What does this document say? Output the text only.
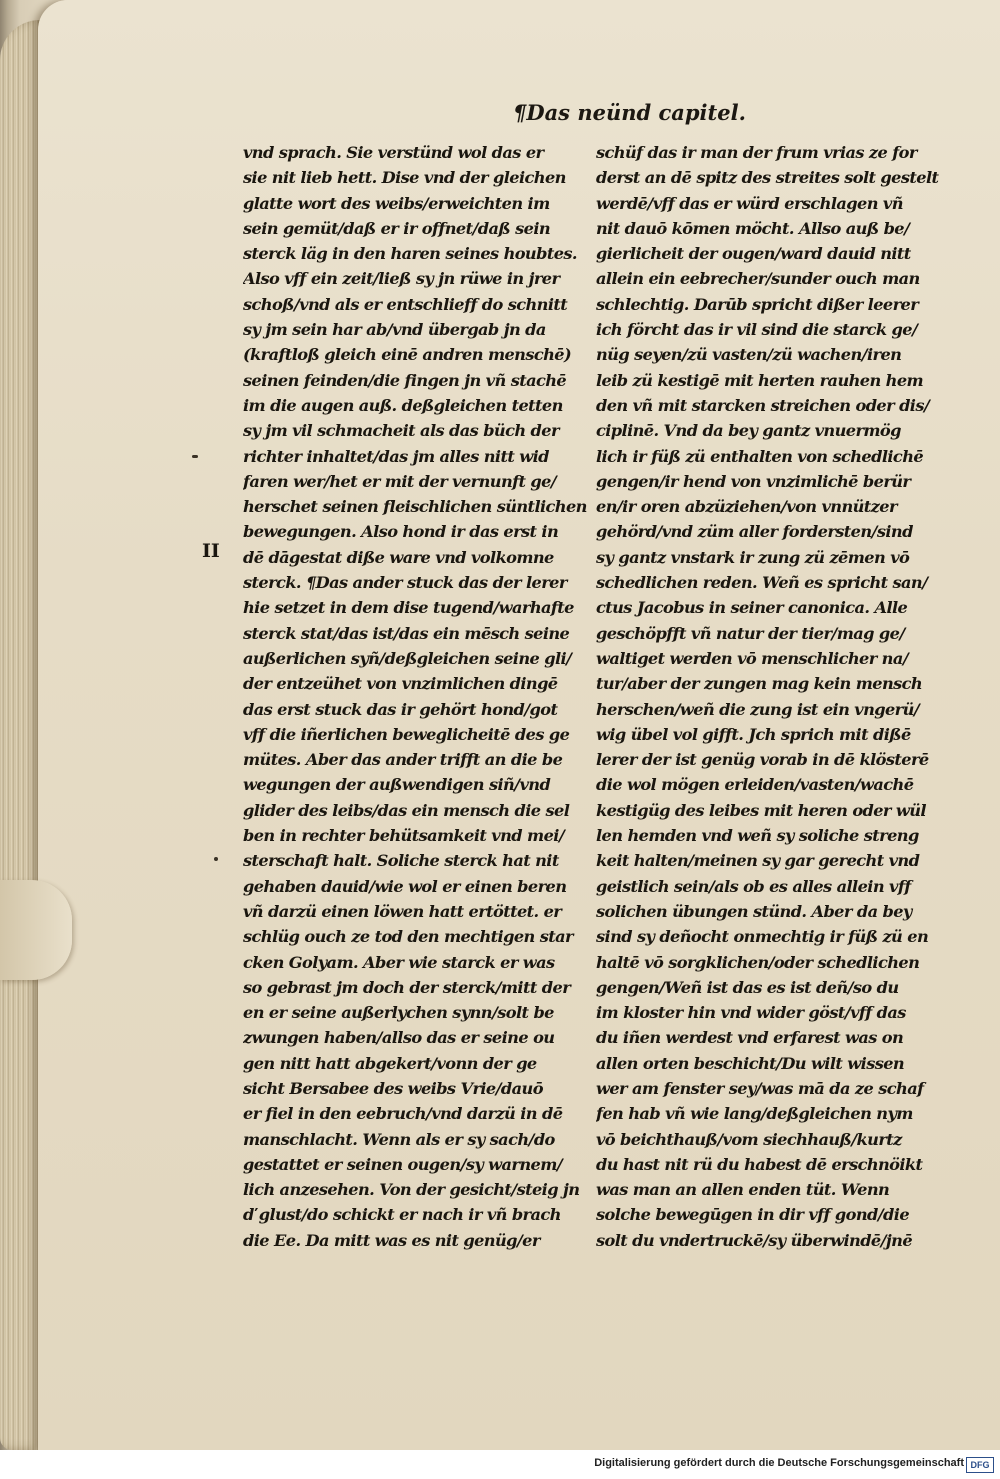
¶Das neünd capitel.
II
vnd sprach. Sie verstünd wol das er
sie nit lieb hett. Dise vnd der gleichen
glatte wort des weibs/erweichten im
sein gemüt/daß er ir offnet/daß sein
sterck läg in den haren seines houbtes.
Also vff ein zeit/ließ sy jn rüwe in jrer
schoß/vnd als er entschlieff do schnitt
sy jm sein har ab/vnd übergab jn da
(kraftloß gleich einē andren menschē)
seinen feinden/die fingen jn vñ stachē
im die augen auß. deßgleichen tetten
sy jm vil schmacheit als das büch der
richter inhaltet/das jm alles nitt wid
faren wer/het er mit der vernunft ge/
herschet seinen fleischlichen süntlichen
bewegungen. Also hond ir das erst in
dē dāgestat diße ware vnd volkomne
sterck. ¶Das ander stuck das der lerer
hie setzet in dem dise tugend/warhafte
sterck stat/das ist/das ein mēsch seine
außerlichen syñ/deßgleichen seine gli/
der entzeühet von vnzimlichen dingē
das erst stuck das ir gehört hond/got
vff die iñerlichen beweglicheitē des ge
mütes. Aber das ander trifft an die be
wegungen der außwendigen siñ/vnd
glider des leibs/das ein mensch die sel
ben in rechter behütsamkeit vnd mei/
sterschaft halt. Soliche sterck hat nit
gehaben dauid/wie wol er einen beren
vñ darzü einen löwen hatt ertöttet. er
schlüg ouch ze tod den mechtigen star
cken Golyam. Aber wie starck er was
so gebrast jm doch der sterck/mitt der
en er seine außerlychen synn/solt be
zwungen haben/allso das er seine ou
gen nitt hatt abgekert/vonn der ge
sicht Bersabee des weibs Vrie/dauō
er fiel in den eebruch/vnd darzü in dē
manschlacht. Wenn als er sy sach/do
gestattet er seinen ougen/sy warnem/
lich anzesehen. Von der gesicht/steig jn
ď glust/do schickt er nach ir vñ brach
die Ee. Da mitt was es nit genüg/er
schüf das ir man der frum vrias ze for
derst an dē spitz des streites solt gestelt
werdē/vff das er würd erschlagen vñ
nit dauō kōmen möcht. Allso auß be/
gierlicheit der ougen/ward dauid nitt
allein ein eebrecher/sunder ouch man
schlechtig. Darūb spricht dißer leerer
ich förcht das ir vil sind die starck ge/
nüg seyen/zü vasten/zü wachen/iren
leib zü kestigē mit herten rauhen hem
den vñ mit starcken streichen oder dis/
ciplinē. Vnd da bey gantz vnuermög
lich ir füß zü enthalten von schedlichē
gengen/ir hend von vnzimlichē berür
en/ir oren abzüziehen/von vnnützer
gehörd/vnd züm aller fordersten/sind
sy gantz vnstark ir zung zü zēmen vō
schedlichen reden. Weñ es spricht san/
ctus Jacobus in seiner canonica. Alle
geschöpfft vñ natur der tier/mag ge/
waltiget werden vō menschlicher na/
tur/aber der zungen mag kein mensch
herschen/weñ die zung ist ein vngerü/
wig übel vol gifft. Jch sprich mit dißē
lerer der ist genüg vorab in dē klösterē
die wol mögen erleiden/vasten/wachē
kestigüg des leibes mit heren oder wül
len hemden vnd weñ sy soliche streng
keit halten/meinen sy gar gerecht vnd
geistlich sein/als ob es alles allein vff
solichen übungen stünd. Aber da bey
sind sy deñocht onmechtig ir füß zü en
haltē vō sorgklichen/oder schedlichen
gengen/Weñ ist das es ist deñ/so du
im kloster hin vnd wider göst/vff das
du iñen werdest vnd erfarest was on
allen orten beschicht/Du wilt wissen
wer am fenster sey/was mā da ze schaf
fen hab vñ wie lang/deßgleichen nym
vō beichthauß/vom siechhauß/kurtz
du hast nit rü du habest dē erschnöikt
was man an allen enden tüt. Wenn
solche bewegūgen in dir vff gond/die
solt du vndertruckē/sy überwindē/jnē
Digitalisierung gefördert durch die Deutsche Forschungsgemeinschaft DFG
